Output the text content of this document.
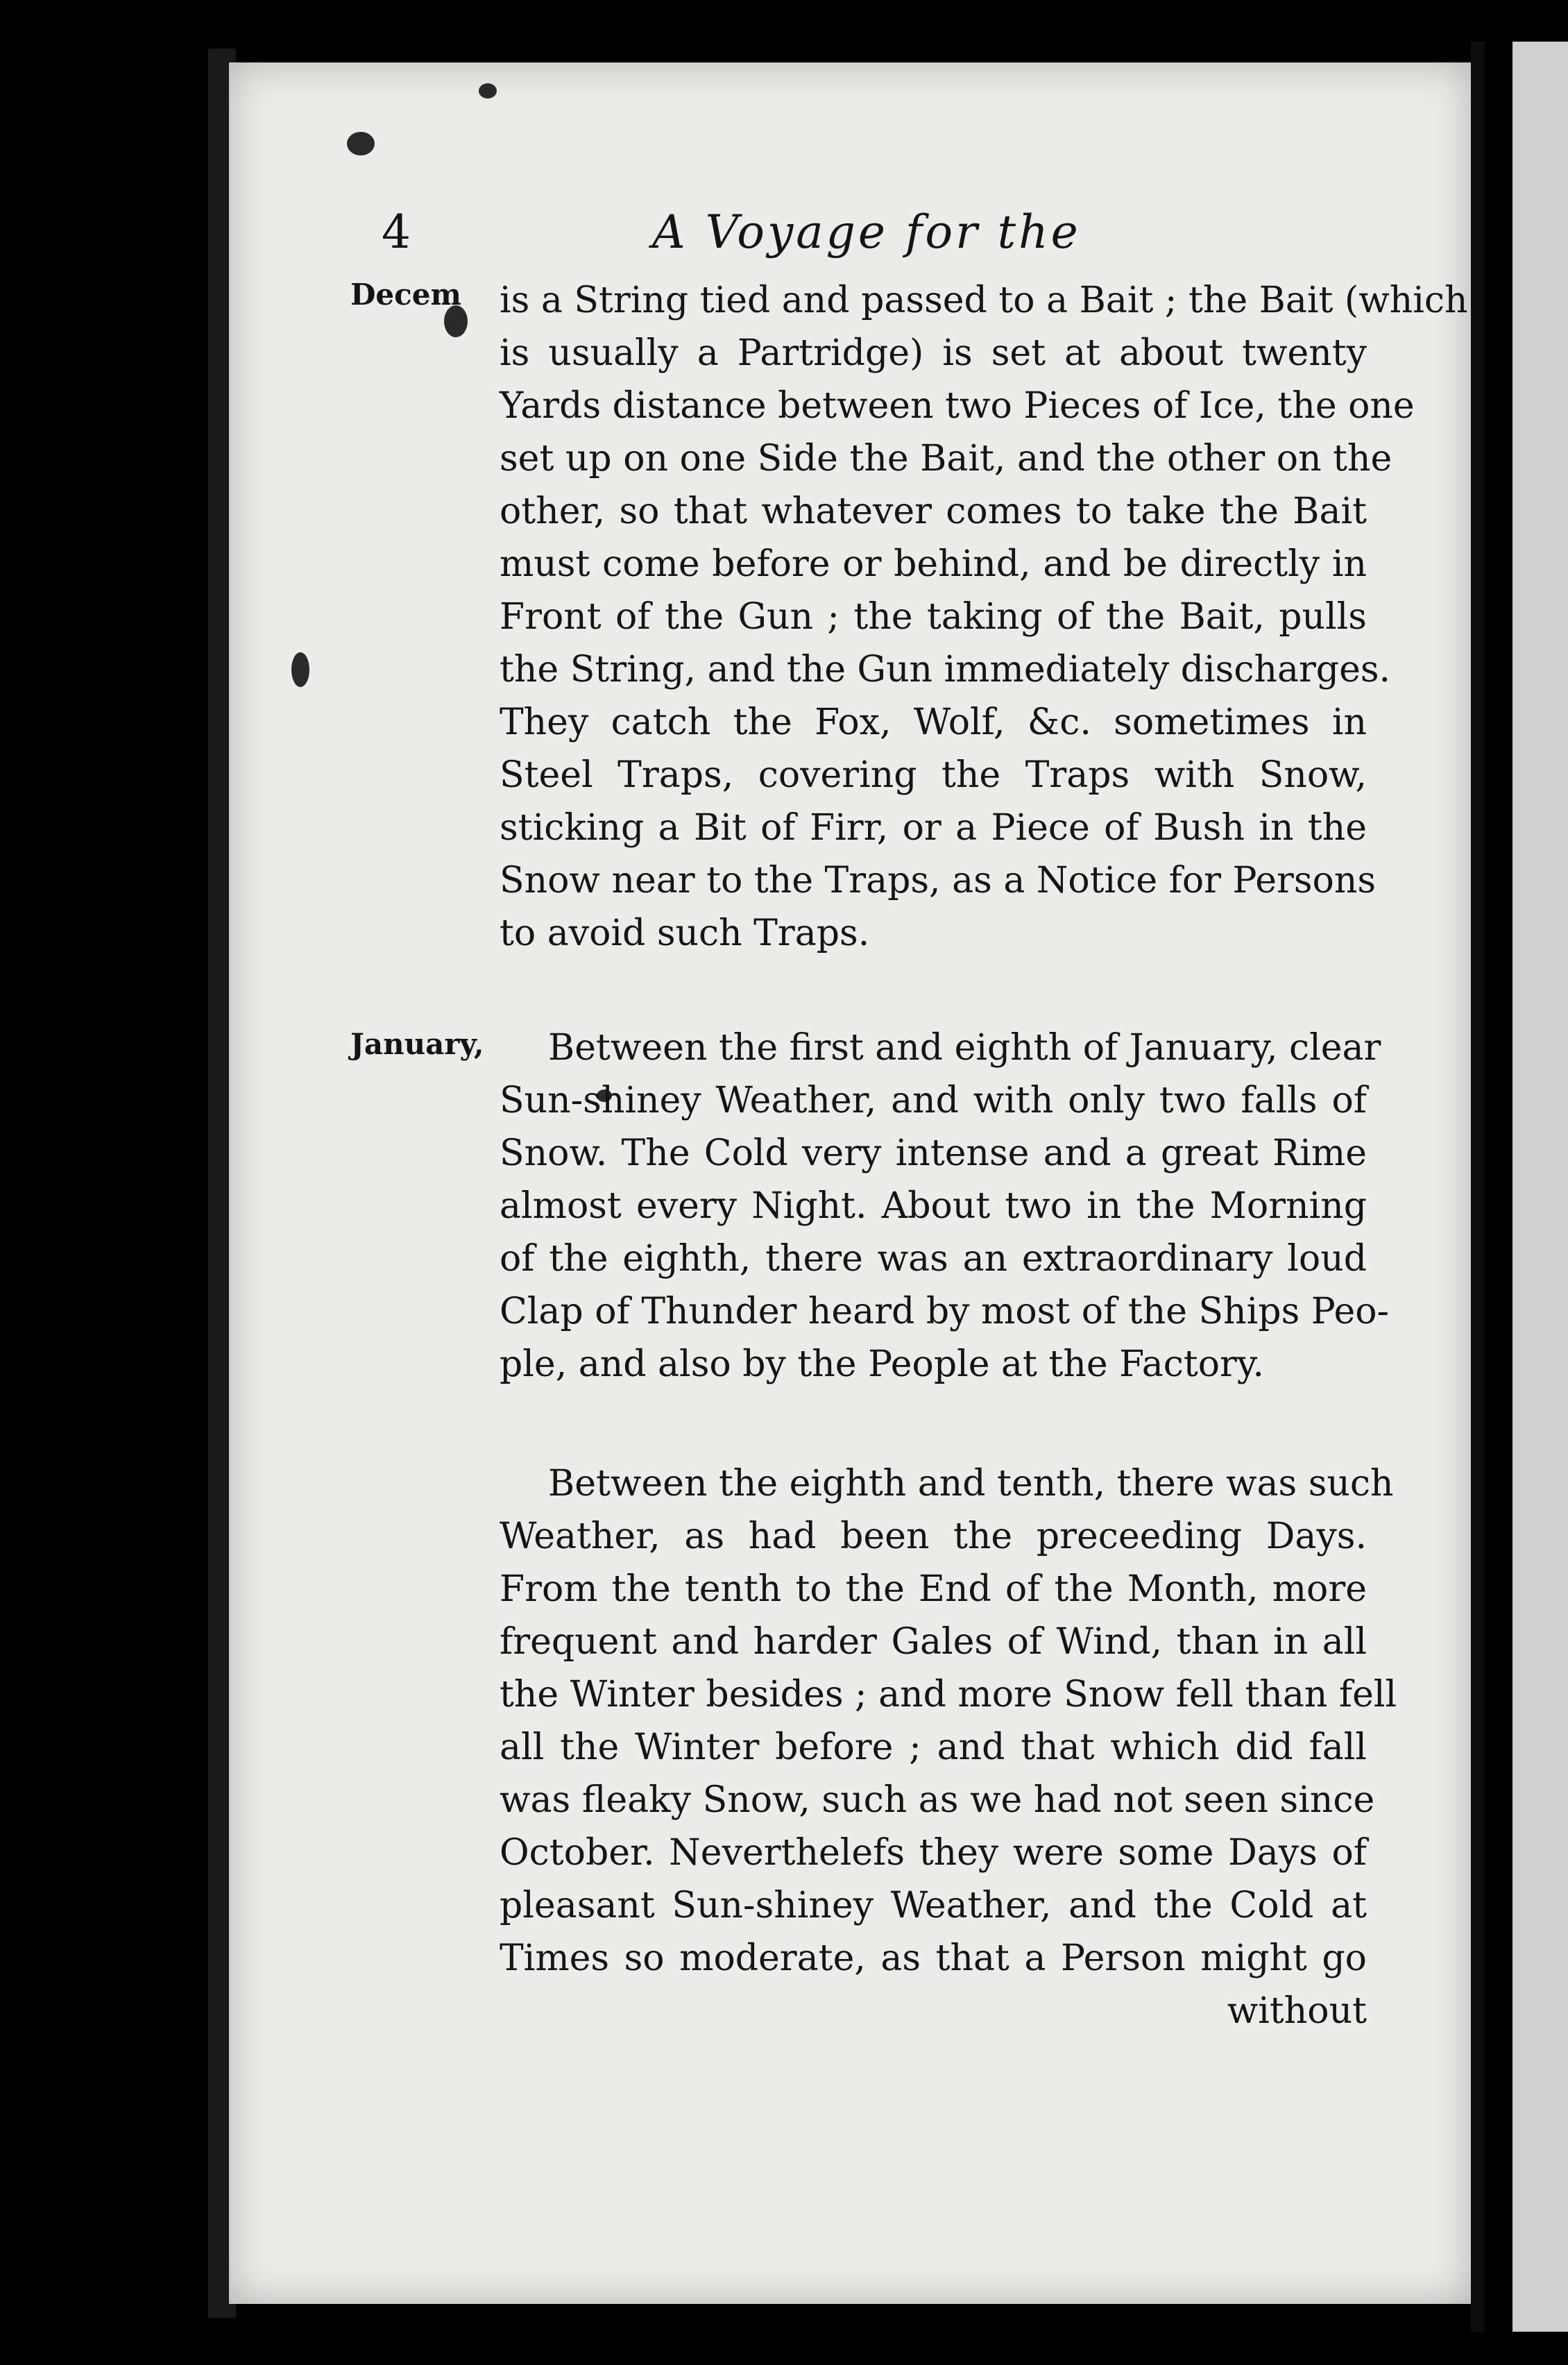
4	A Voyage for the
Decem
January,
is a String tied and passed to a Bait ; the Bait (which
is usually a Partridge) is set at about twenty
Yards distance between two Pieces of Ice, the one
set up on one Side the Bait, and the other on the
other, so that whatever comes to take the Bait
must come before or behind, and be directly in
Front of the Gun ; the taking of the Bait, pulls
the String, and the Gun immediately discharges.
They catch the Fox, Wolf, &c. sometimes in
Steel Traps, covering the Traps with Snow,
sticking a Bit of Firr, or a Piece of Bush in the
Snow near to the Traps, as a Notice for Persons
to avoid such Traps.
Between the first and eighth of January, clear
Sun-shiney Weather, and with only two falls of
Snow. The Cold very intense and a great Rime
almost every Night. About two in the Morning
of the eighth, there was an extraordinary loud
Clap of Thunder heard by most of the Ships Peo-
ple, and also by the People at the Factory.
Between the eighth and tenth, there was such
Weather, as had been the preceeding Days.
From the tenth to the End of the Month, more
frequent and harder Gales of Wind, than in all
the Winter besides ; and more Snow fell than fell
all the Winter before ; and that which did fall
was fleaky Snow, such as we had not seen since
October. Neverthelefs they were some Days of
pleasant Sun-shiney Weather, and the Cold at
Times so moderate, as that a Person might go
without
